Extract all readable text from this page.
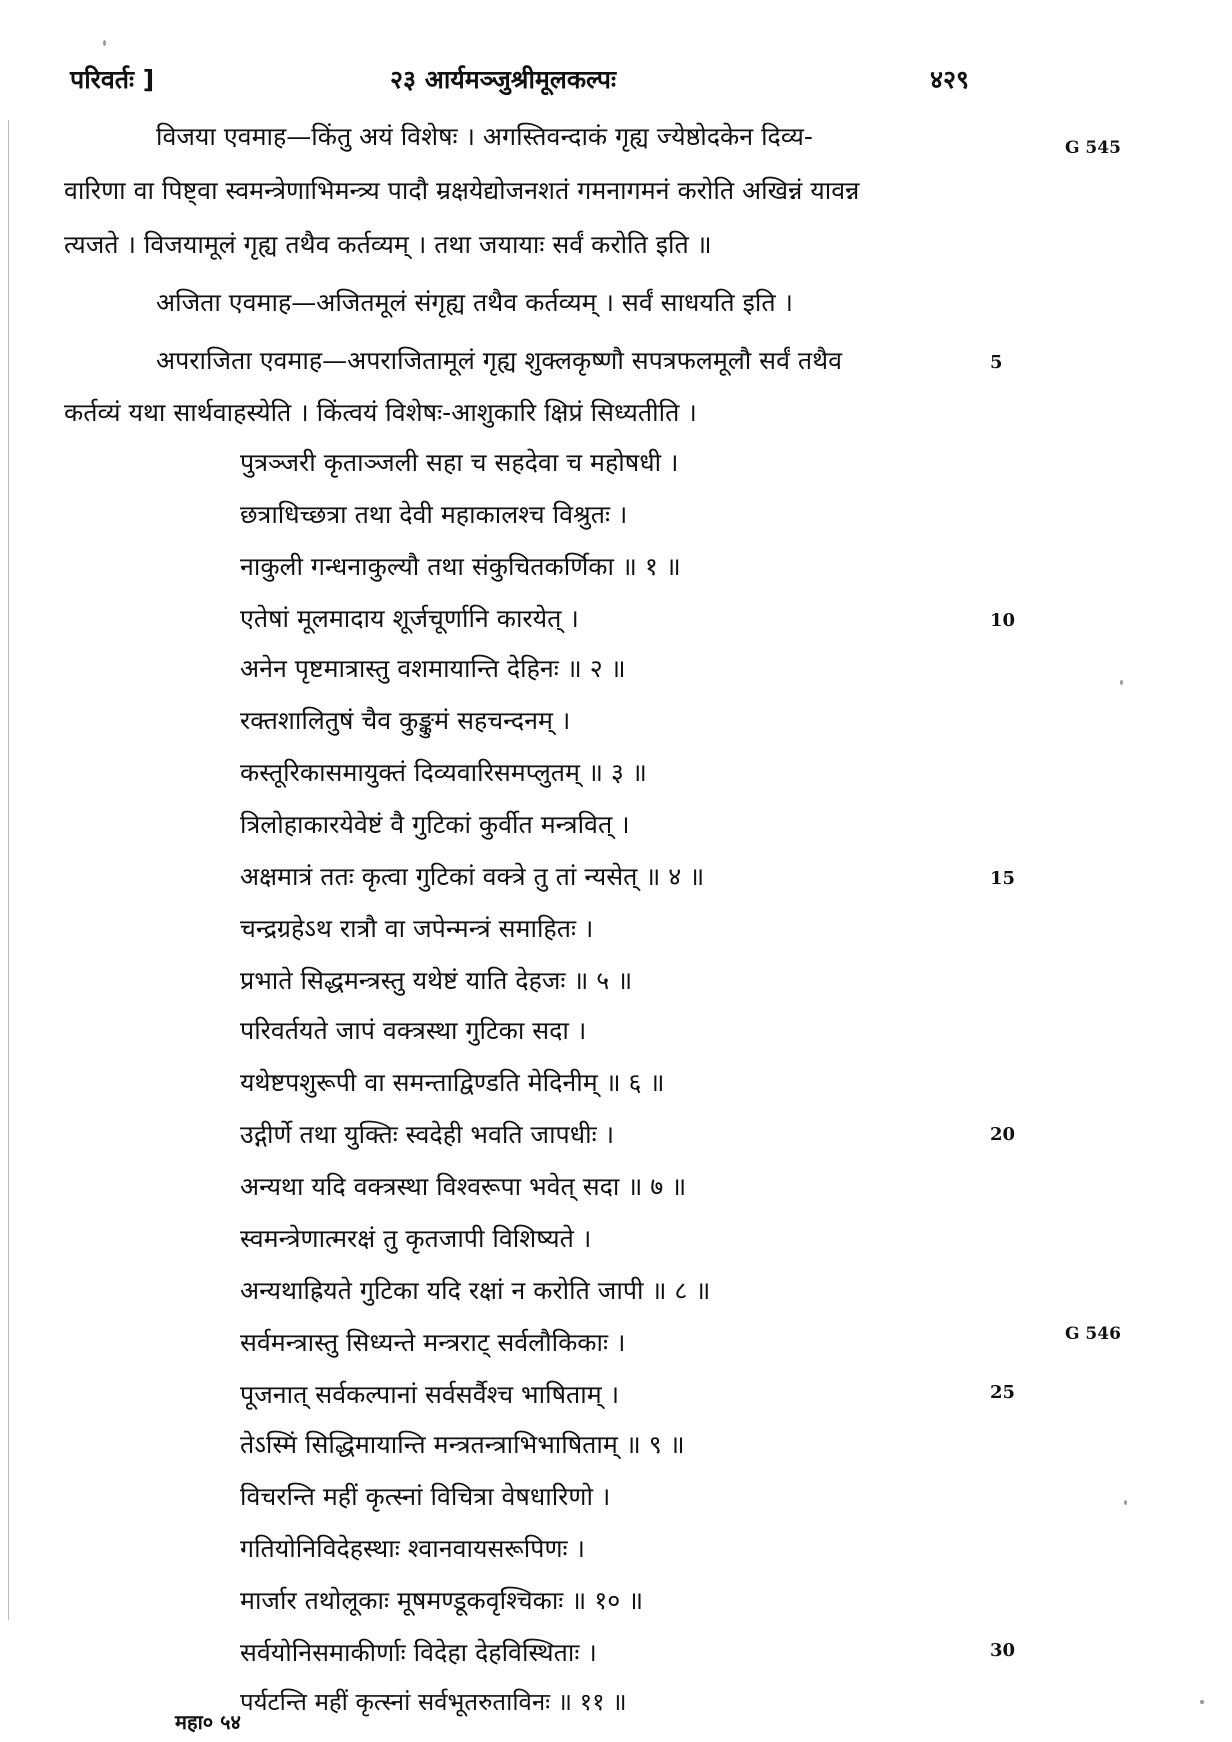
परिवर्तः ]	२३ आर्यमञ्जुश्रीमूलकल्पः	४२९
विजया एवमाह—किंतु अयं विशेषः । अगस्तिवन्दाकं गृह्य ज्येष्ठोदकेन दिव्य-
वारिणा वा पिष्ट्वा स्वमन्त्रेणाभिमन्त्र्य पादौ म्रक्षयेद्योजनशतं गमनागमनं करोति अखिन्नं यावन्न
त्यजते । विजयामूलं गृह्य तथैव कर्तव्यम् । तथा जयायाः सर्वं करोति इति ॥
अजिता एवमाह—अजितमूलं संगृह्य तथैव कर्तव्यम् । सर्वं साधयति इति ।
अपराजिता एवमाह—अपराजितामूलं गृह्य शुक्लकृष्णौ सपत्रफलमूलौ सर्वं तथैव
कर्तव्यं यथा सार्थवाहस्येति । किंत्वयं विशेषः-आशुकारि क्षिप्रं सिध्यतीति ।
पुत्रञ्जरी कृताञ्जली सहा च सहदेवा च महोषधी ।
छत्राधिच्छत्रा तथा देवी महाकालश्च विश्रुतः ।
नाकुली गन्धनाकुल्यौ तथा संकुचितकर्णिका ॥ १ ॥
एतेषां मूलमादाय शूर्जचूर्णानि कारयेत् ।
अनेन पृष्टमात्रास्तु वशमायान्ति देहिनः ॥ २ ॥
रक्तशालितुषं चैव कुङ्कुमं सहचन्दनम् ।
कस्तूरिकासमायुक्तं दिव्यवारिसमप्लुतम् ॥ ३ ॥
त्रिलोहाकारयेवेष्टं वै गुटिकां कुर्वीत मन्त्रवित् ।
अक्षमात्रं ततः कृत्वा गुटिकां वक्त्रे तु तां न्यसेत् ॥ ४ ॥
चन्द्रग्रहेऽथ रात्रौ वा जपेन्मन्त्रं समाहितः ।
प्रभाते सिद्धमन्त्रस्तु यथेष्टं याति देहजः ॥ ५ ॥
परिवर्तयते जापं वक्त्रस्था गुटिका सदा ।
यथेष्टपशुरूपी वा समन्ताद्विण्डति मेदिनीम् ॥ ६ ॥
उद्गीर्णे तथा युक्तिः स्वदेही भवति जापधीः ।
अन्यथा यदि वक्त्रस्था विश्वरूपा भवेत् सदा ॥ ७ ॥
स्वमन्त्रेणात्मरक्षं तु कृतजापी विशिष्यते ।
अन्यथाह्रियते गुटिका यदि रक्षां न करोति जापी ॥ ८ ॥
सर्वमन्त्रास्तु सिध्यन्ते मन्त्रराट् सर्वलौकिकाः ।
पूजनात् सर्वकल्पानां सर्वसर्वैश्च भाषिताम् ।
तेऽस्मिं सिद्धिमायान्ति मन्त्रतन्त्राभिभाषिताम् ॥ ९ ॥
विचरन्ति महीं कृत्स्नां विचित्रा वेषधारिणो ।
गतियोनिविदेहस्थाः श्वानवायसरूपिणः ।
मार्जार तथोलूकाः मूषमण्डूकवृश्चिकाः ॥ १० ॥
सर्वयोनिसमाकीर्णाः विदेहा देहविस्थिताः ।
पर्यटन्ति महीं कृत्स्नां सर्वभूतरुताविनः ॥ ११ ॥
5
10
15
20
25
30
G 545
G 546
महा० ५४
